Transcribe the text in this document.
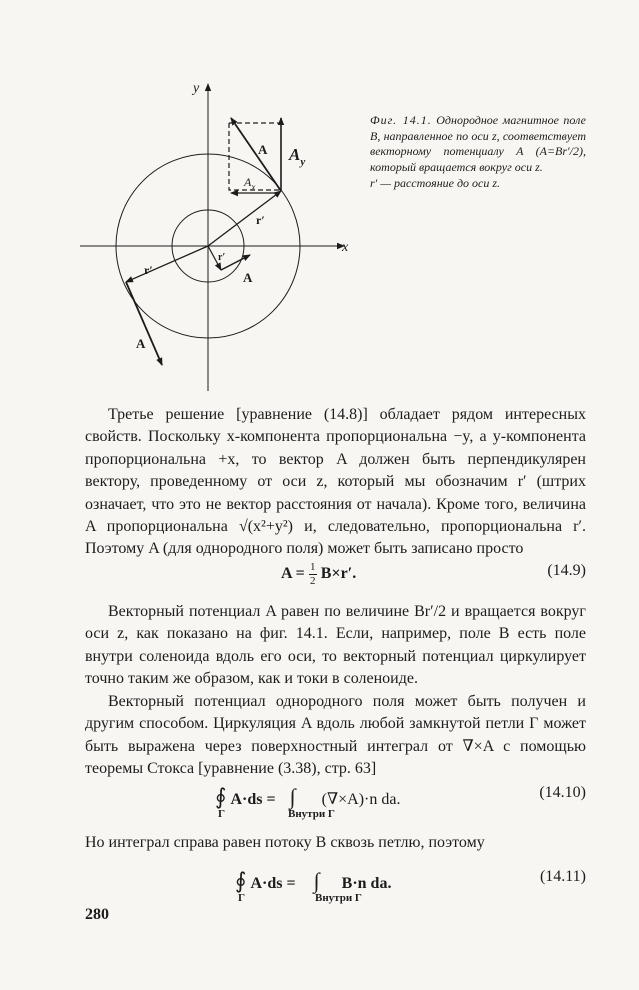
y
x
A $A_y$
$A_x$
r′
r′
A
r′
A
Фиг. 14.1. Однородное магнитное поле B, направленное по оси z, соответствует векторному потенциалу A (A=Br′/2), который вращается вокруг оси z.
r′ — расстояние до оси z.
Третье решение [уравнение (14.8)] обладает рядом интересных свойств. Поскольку x-компонента пропорциональна −y, а y-компонента пропорциональна +x, то вектор A должен быть перпендикулярен вектору, проведенному от оси z, который мы обозначим r′ (штрих означает, что это не вектор расстояния от начала). Кроме того, величина A пропорциональна √(x²+y²) и, следовательно, пропорциональна r′. Поэтому A (для однородного поля) может быть записано просто
$A = \frac{1}{2} B\times r'$.	(14.9)
Векторный потенциал A равен по величине Br′/2 и вращается вокруг оси z, как показано на фиг. 14.1. Если, например, поле B есть поле внутри соленоида вдоль его оси, то векторный потенциал циркулирует точно таким же образом, как и токи в соленоиде.
Векторный потенциал однородного поля может быть получен и другим способом. Циркуляция A вдоль любой замкнутой петли Г может быть выражена через поверхностный интеграл от ∇×A с помощью теоремы Стокса [уравнение (3.38), стр. 63]
∮ A·ds = ∫ (∇×A)·n da.
Г	Внутри Г
(14.10)
Но интеграл справа равен потоку B сквозь петлю, поэтому
∮ A·ds = ∫ B·n da.
Г	Внутри Г
(14.11)
280
